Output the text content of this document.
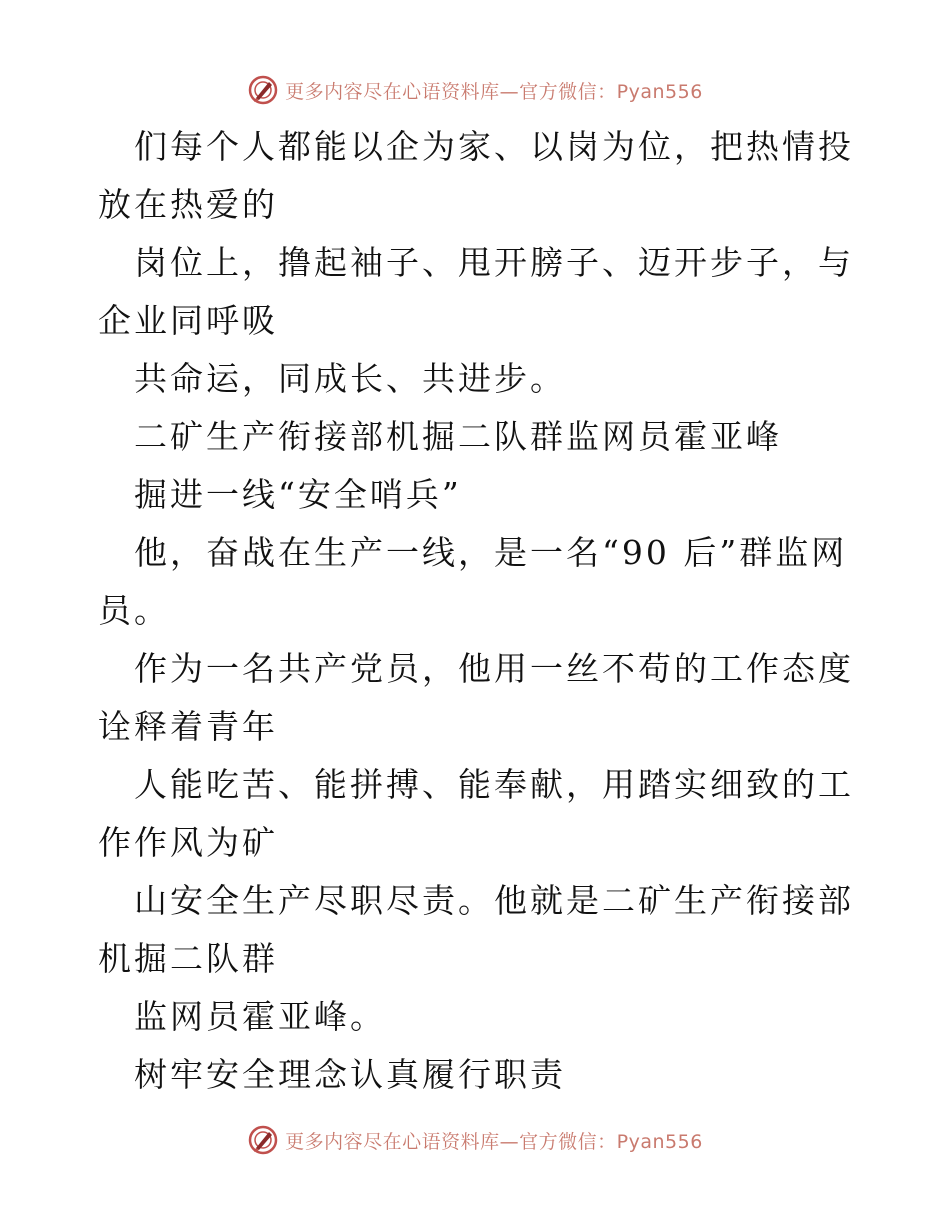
更多内容尽在心语资料库—官方微信：Pyan556

们每个人都能以企为家、以岗为位，把热情投放在热爱的

岗位上，撸起袖子、甩开膀子、迈开步子，与企业同呼吸

共命运，同成长、共进步。

二矿生产衔接部机掘二队群监网员霍亚峰

掘进一线“安全哨兵”

他，奋战在生产一线，是一名“90 后”群监网员。

作为一名共产党员，他用一丝不苟的工作态度诠释着青年

人能吃苦、能拼搏、能奉献，用踏实细致的工作作风为矿

山安全生产尽职尽责。他就是二矿生产衔接部机掘二队群

监网员霍亚峰。

树牢安全理念认真履行职责

更多内容尽在心语资料库—官方微信：Pyan556
